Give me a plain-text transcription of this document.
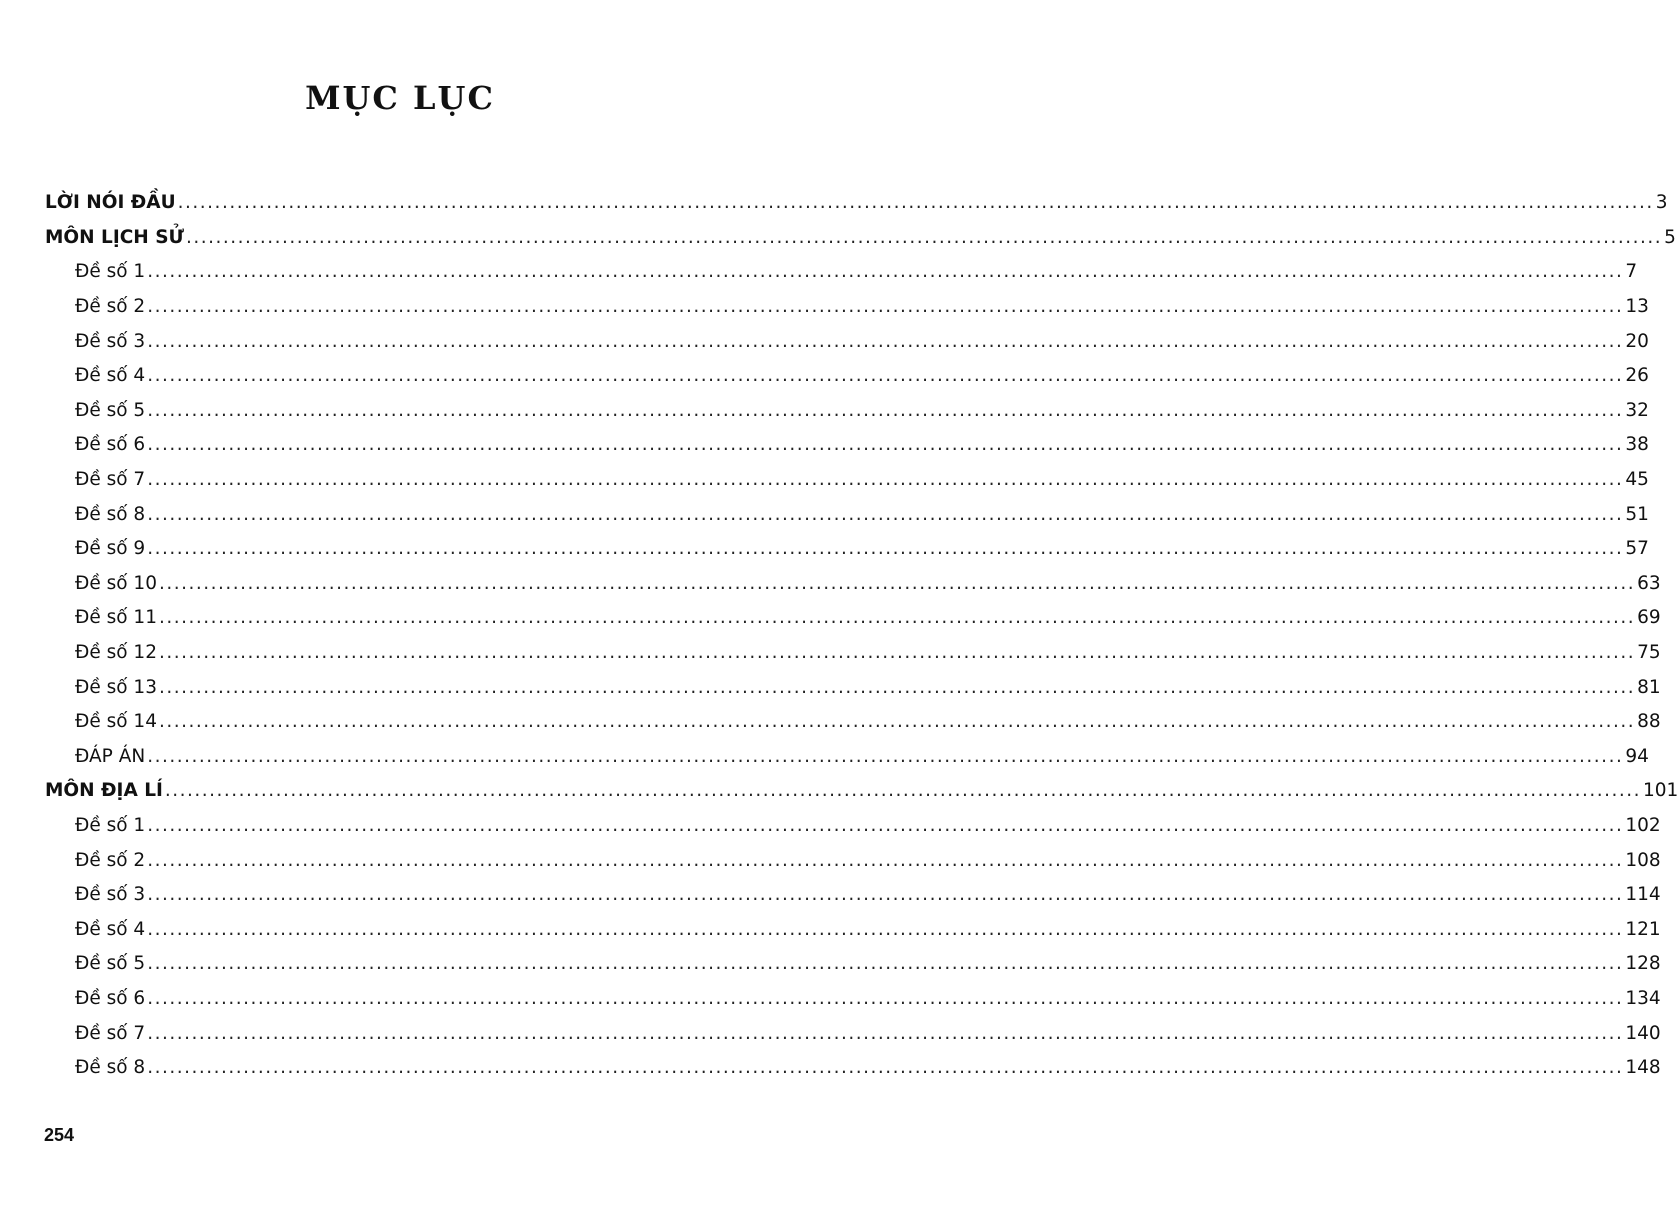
MỤC LỤC
LỜI NÓI ĐẦU ........................................................................................................................................................................................................ 3
MÔN LỊCH SỬ ........................................................................................................................................................................................................ 5
Đề số 1 ........................................................................................................................................................................................................ 7
Đề số 2 ........................................................................................................................................................................................................ 13
Đề số 3 ........................................................................................................................................................................................................ 20
Đề số 4 ........................................................................................................................................................................................................ 26
Đề số 5 ........................................................................................................................................................................................................ 32
Đề số 6 ........................................................................................................................................................................................................ 38
Đề số 7 ........................................................................................................................................................................................................ 45
Đề số 8 ........................................................................................................................................................................................................ 51
Đề số 9 ........................................................................................................................................................................................................ 57
Đề số 10 ........................................................................................................................................................................................................ 63
Đề số 11 ........................................................................................................................................................................................................ 69
Đề số 12 ........................................................................................................................................................................................................ 75
Đề số 13 ........................................................................................................................................................................................................ 81
Đề số 14 ........................................................................................................................................................................................................ 88
ĐÁP ÁN ........................................................................................................................................................................................................ 94
MÔN ĐỊA LÍ ........................................................................................................................................................................................................ 101
Đề số 1 ........................................................................................................................................................................................................ 102
Đề số 2 ........................................................................................................................................................................................................ 108
Đề số 3 ........................................................................................................................................................................................................ 114
Đề số 4 ........................................................................................................................................................................................................ 121
Đề số 5 ........................................................................................................................................................................................................ 128
Đề số 6 ........................................................................................................................................................................................................ 134
Đề số 7 ........................................................................................................................................................................................................ 140
Đề số 8 ........................................................................................................................................................................................................ 148
254
